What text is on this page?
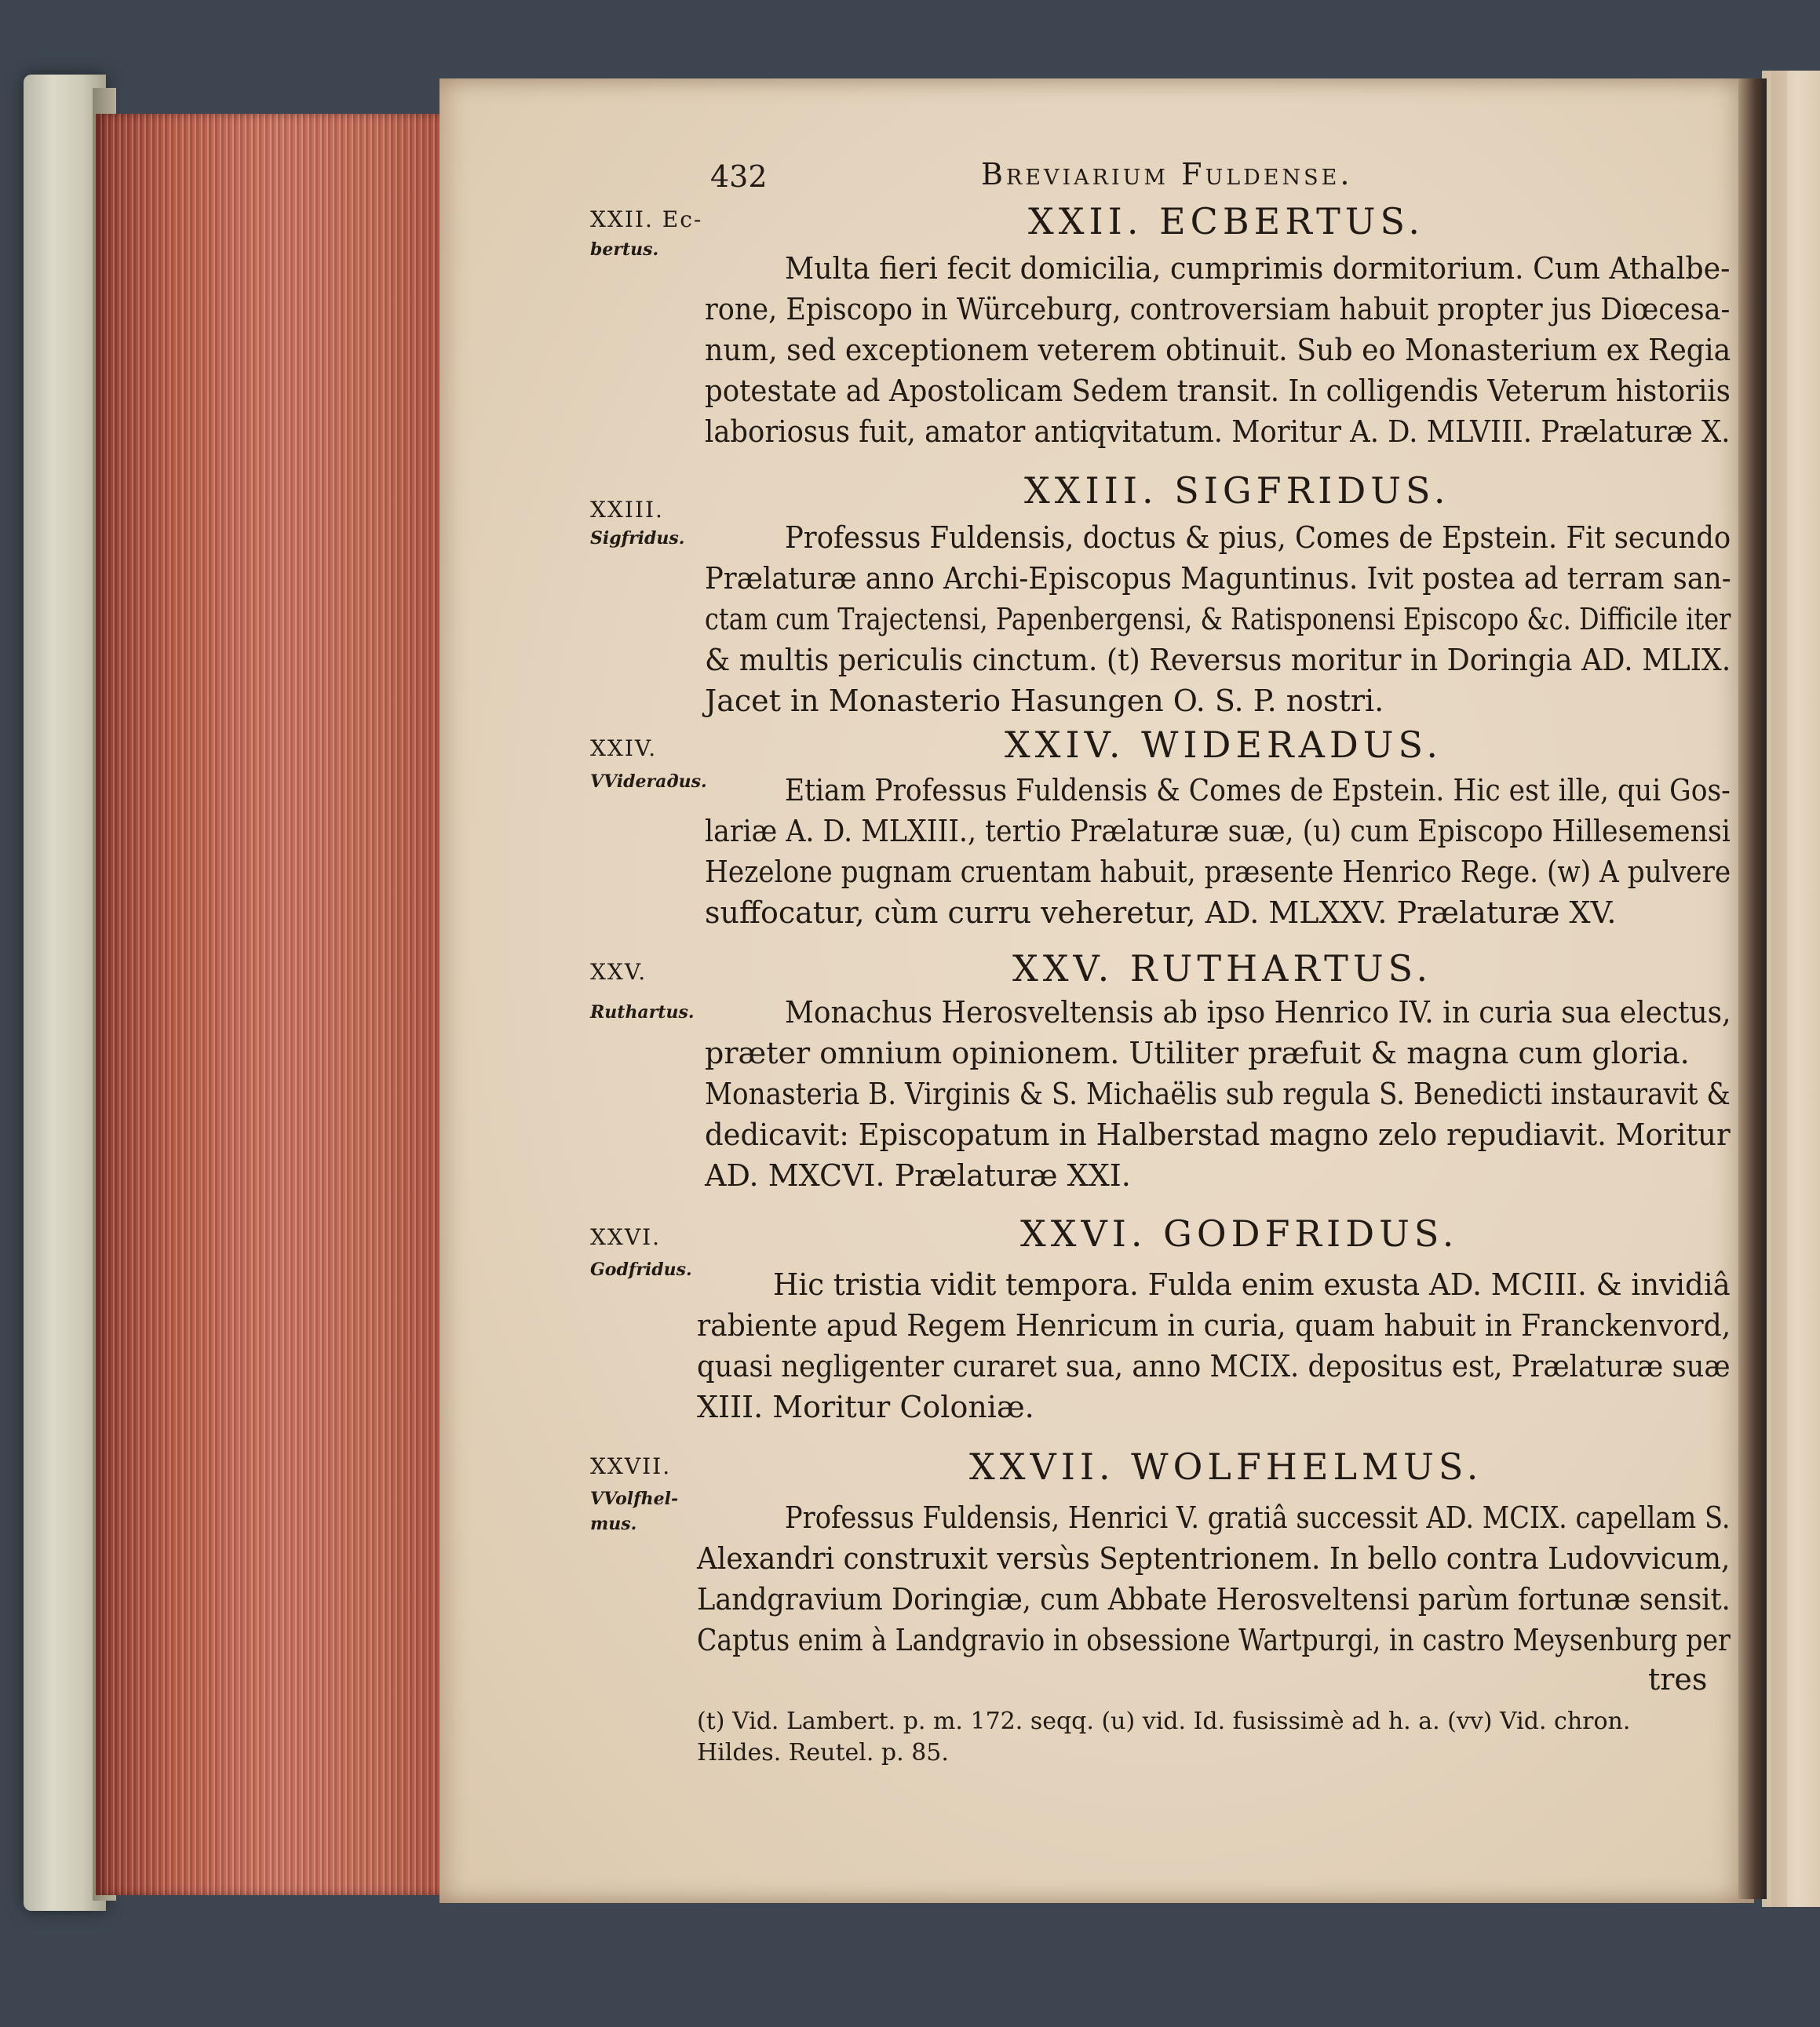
432	Breviarium Fuldense.
XXII. Ec-
bertus.
XXII. ECBERTUS.
Multa fieri fecit domicilia, cumprimis dormitorium. Cum Athalbe-
rone, Episcopo in Würceburg, controversiam habuit propter jus Diœcesa-
num, sed exceptionem veterem obtinuit. Sub eo Monasterium ex Regia
potestate ad Apostolicam Sedem transit. In colligendis Veterum historiis
laboriosus fuit, amator antiqvitatum. Moritur A. D. MLVIII. Prælaturæ X.
XXIII.
Sigfridus.
XXIII. SIGFRIDUS.
Professus Fuldensis, doctus & pius, Comes de Epstein. Fit secundo
Prælaturæ anno Archi-Episcopus Maguntinus. Ivit postea ad terram san-
ctam cum Trajectensi, Papenbergensi, & Ratisponensi Episcopo &c. Difficile iter
& multis periculis cinctum. (t) Reversus moritur in Doringia AD. MLIX.
Jacet in Monasterio Hasungen O. S. P. nostri.
XXIV.
VViderадus.
XXIV. WIDERADUS.
Etiam Professus Fuldensis & Comes de Epstein. Hic est ille, qui Gos-
lariæ A. D. MLXIII., tertio Prælaturæ suæ, (u) cum Episcopo Hillesemensi
Hezelone pugnam cruentam habuit, præsente Henrico Rege. (w) A pulvere
suffocatur, cùm curru veheretur, AD. MLXXV. Prælaturæ XV.
XXV.
Ruthartus.
XXV. RUTHARTUS.
Monachus Herosveltensis ab ipso Henrico IV. in curia sua electus,
præter omnium opinionem. Utiliter præfuit & magna cum gloria.
Monasteria B. Virginis & S. Michaëlis sub regula S. Benedicti instauravit &
dedicavit: Episcopatum in Halberstad magno zelo repudiavit. Moritur
AD. MXCVI. Prælaturæ XXI.
XXVI.
Godfridus.
XXVI. GODFRIDUS.
Hic tristia vidit tempora. Fulda enim exusta AD. MCIII. & invidiâ
rabiente apud Regem Henricum in curia, quam habuit in Franckenvord,
quasi negligenter curaret sua, anno MCIX. depositus est, Prælaturæ suæ
XIII. Moritur Coloniæ.
XXVII.
VVolfhel- mus.
XXVII. WOLFHELMUS.
Professus Fuldensis, Henrici V. gratiâ successit AD. MCIX. capellam S.
Alexandri construxit versùs Septentrionem. In bello contra Ludovvicum,
Landgravium Doringiæ, cum Abbate Herosveltensi parùm fortunæ sensit.
Captus enim à Landgravio in obsessione Wartpurgi, in castro Meysenburg per
tres
(t) Vid. Lambert. p. m. 172. seqq. (u) vid. Id. fusissimè ad h. a. (vv) Vid. chron.
Hildes. Reutel. p. 85.
